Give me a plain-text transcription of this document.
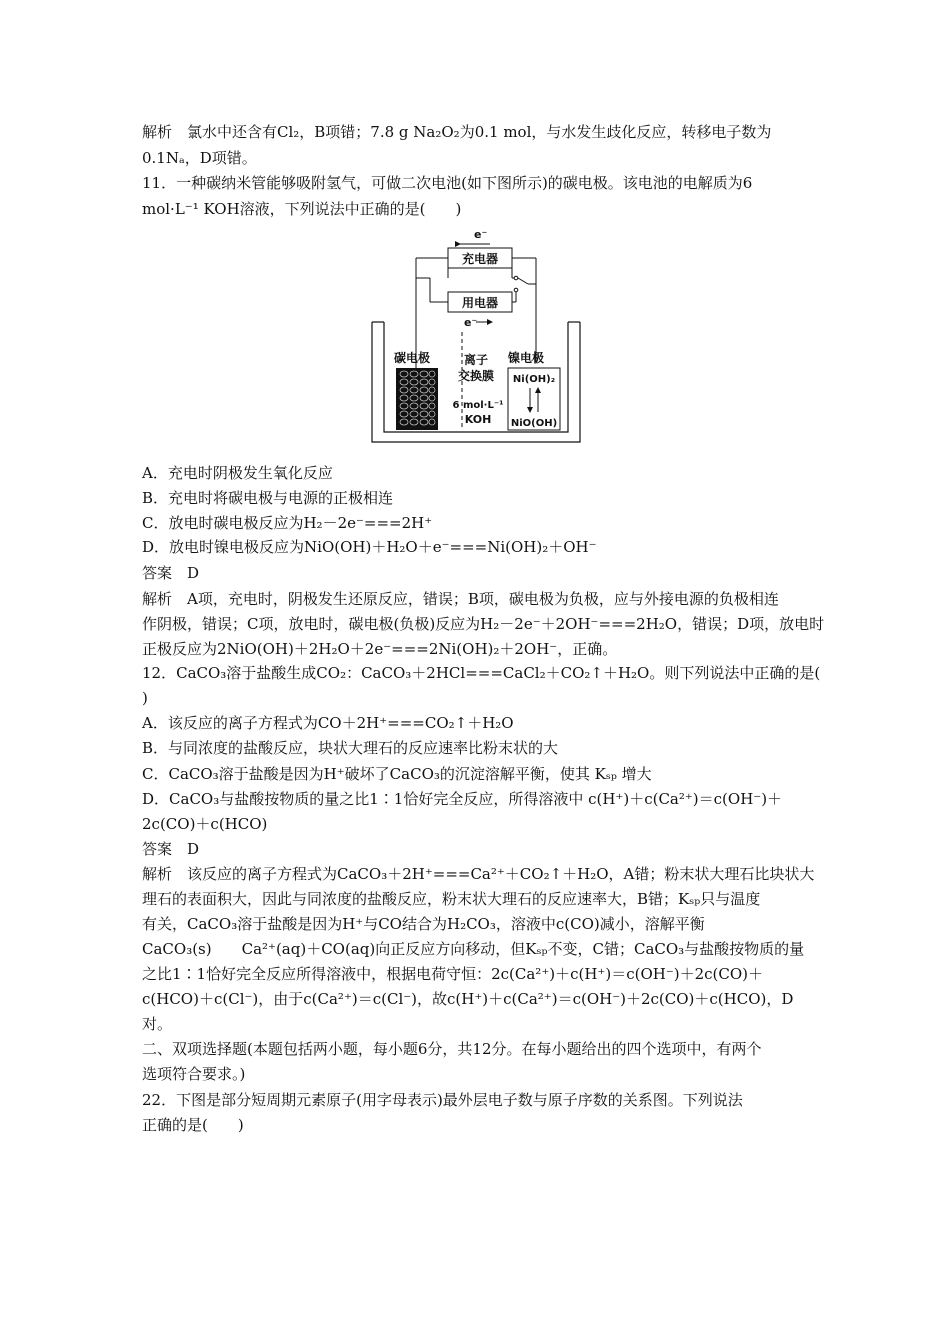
解析　氯水中还含有Cl₂，B项错；7.8 g Na₂O₂为0.1 mol，与水发生歧化反应，转移电子数为
0.1Nₐ，D项错。
11．一种碳纳米管能够吸附氢气，可做二次电池(如下图所示)的碳电极。该电池的电解质为6
mol·L⁻¹ KOH溶液，下列说法中正确的是(　　)
e⁻
充电器
用电器
e⁻
碳电极	离子
交换膜
6 mol·L⁻¹
KOH
镍电极
Ni(OH)₂
NiO(OH)
A．充电时阴极发生氧化反应
B．充电时将碳电极与电源的正极相连
C．放电时碳电极反应为H₂－2e⁻===2H⁺
D．放电时镍电极反应为NiO(OH)＋H₂O＋e⁻===Ni(OH)₂＋OH⁻
答案　D
解析　A项，充电时，阴极发生还原反应，错误；B项，碳电极为负极，应与外接电源的负极相连
作阴极，错误；C项，放电时，碳电极(负极)反应为H₂－2e⁻＋2OH⁻===2H₂O，错误；D项，放电时
正极反应为2NiO(OH)＋2H₂O＋2e⁻===2Ni(OH)₂＋2OH⁻，正确。
12．CaCO₃溶于盐酸生成CO₂：CaCO₃＋2HCl===CaCl₂＋CO₂↑＋H₂O。则下列说法中正确的是(
)
A．该反应的离子方程式为CO＋2H⁺===CO₂↑＋H₂O
B．与同浓度的盐酸反应，块状大理石的反应速率比粉末状的大
C．CaCO₃溶于盐酸是因为H⁺破坏了CaCO₃的沉淀溶解平衡，使其 Kₛₚ 增大
D．CaCO₃与盐酸按物质的量之比1∶1恰好完全反应，所得溶液中 c(H⁺)＋c(Ca²⁺)＝c(OH⁻)＋
2c(CO)＋c(HCO)
答案　D
解析　该反应的离子方程式为CaCO₃＋2H⁺===Ca²⁺＋CO₂↑＋H₂O，A错；粉末状大理石比块状大
理石的表面积大，因此与同浓度的盐酸反应，粉末状大理石的反应速率大，B错；Kₛₚ只与温度
有关，CaCO₃溶于盐酸是因为H⁺与CO结合为H₂CO₃，溶液中c(CO)减小，溶解平衡
CaCO₃(s)　　Ca²⁺(aq)＋CO(aq)向正反应方向移动，但Kₛₚ不变，C错；CaCO₃与盐酸按物质的量
之比1∶1恰好完全反应所得溶液中，根据电荷守恒：2c(Ca²⁺)＋c(H⁺)＝c(OH⁻)＋2c(CO)＋
c(HCO)＋c(Cl⁻)，由于c(Ca²⁺)＝c(Cl⁻)，故c(H⁺)＋c(Ca²⁺)＝c(OH⁻)＋2c(CO)＋c(HCO)，D
对。
二、双项选择题(本题包括两小题，每小题6分，共12分。在每小题给出的四个选项中，有两个
选项符合要求。)
22．下图是部分短周期元素原子(用字母表示)最外层电子数与原子序数的关系图。下列说法
正确的是(　　)
